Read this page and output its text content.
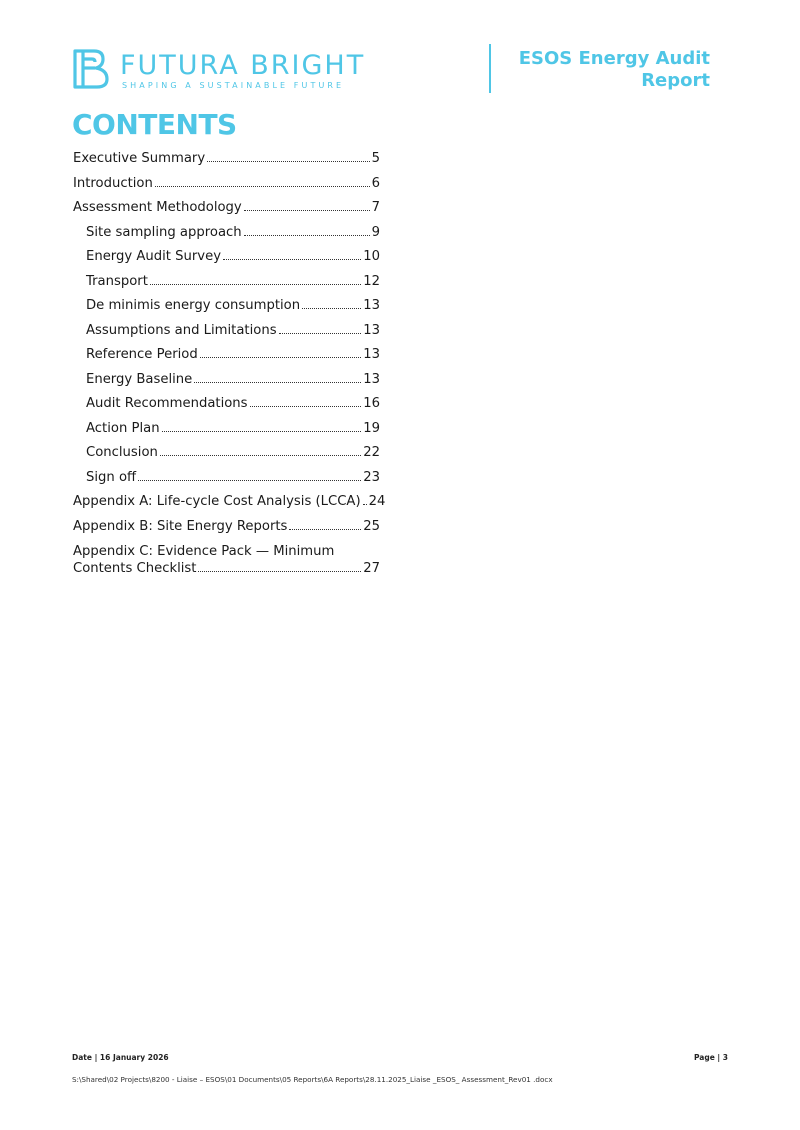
FUTURA BRIGHT
SHAPING A SUSTAINABLE FUTURE
ESOS Energy Audit
Report
CONTENTS
Executive Summary	5
Introduction	6
Assessment Methodology	7
Site sampling approach	9
Energy Audit Survey	10
Transport	12
De minimis energy consumption	13
Assumptions and Limitations	13
Reference Period	13
Energy Baseline	13
Audit Recommendations	16
Action Plan	19
Conclusion	22
Sign off	23
Appendix A: Life-cycle Cost Analysis (LCCA) 24
Appendix B: Site Energy Reports	25
Appendix C: Evidence Pack — Minimum
Contents Checklist	27
Date | 16 January 2026	Page | 3
S:\Shared\02 Projects\8200 - Liaise – ESOS\01 Documents\05 Reports\6A Reports\28.11.2025_Liaise _ESOS_ Assessment_Rev01 .docx
